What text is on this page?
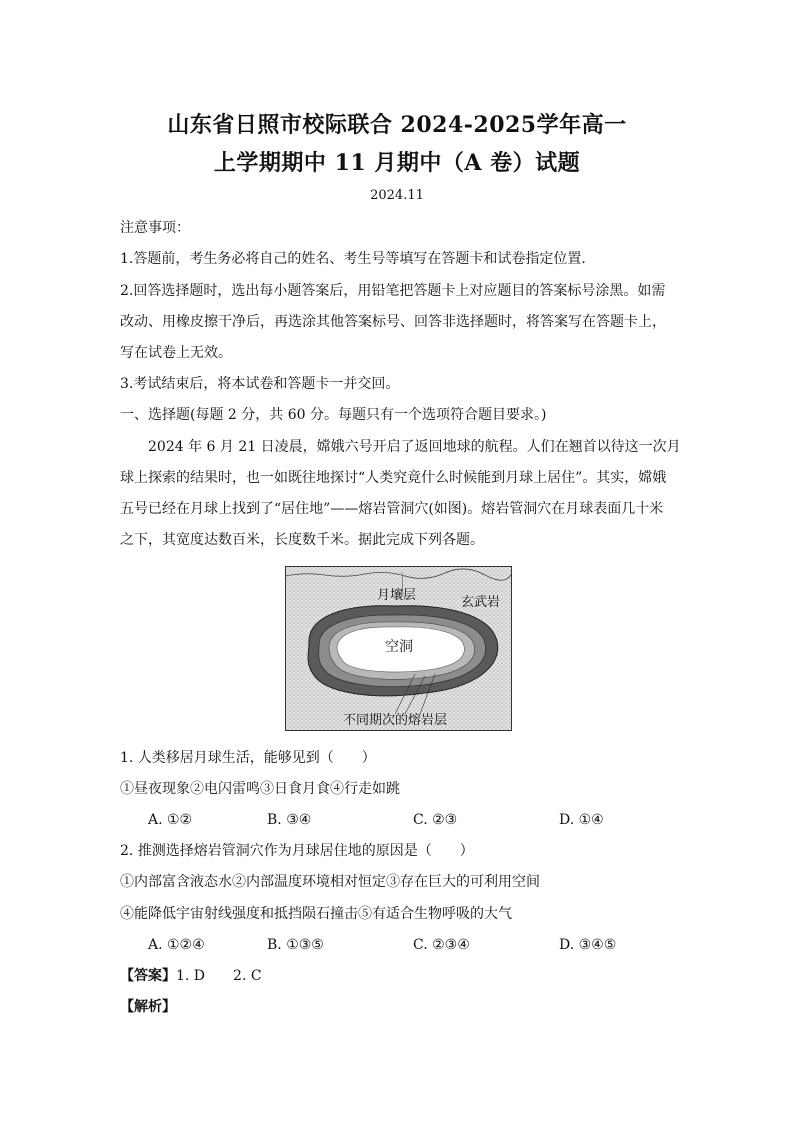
山东省日照市校际联合 2024-2025学年高一
上学期期中 11 月期中（A 卷）试题
2024.11
注意事项：
1.答题前，考生务必将自己的姓名、考生号等填写在答题卡和试卷指定位置.
2.回答选择题时，选出每小题答案后，用铅笔把答题卡上对应题目的答案标号涂黑。如需
改动、用橡皮擦干净后，再选涂其他答案标号、回答非选择题时，将答案写在答题卡上，
写在试卷上无效。
3.考试结束后，将本试卷和答题卡一并交回。
一、选择题(每题 2 分，共 60 分。每题只有一个选项符合题目要求。)
2024 年 6 月 21 日凌晨，嫦娥六号开启了返回地球的航程。人们在翘首以待这一次月
球上探索的结果时，也一如既往地探讨“人类究竟什么时候能到月球上居住”。其实，嫦娥
五号已经在月球上找到了“居住地”——熔岩管洞穴(如图)。熔岩管洞穴在月球表面几十米
之下，其宽度达数百米，长度数千米。据此完成下列各题。
月壤层	玄武岩
空洞
不同期次的熔岩层
1. 人类移居月球生活，能够见到（　　）
①昼夜现象②电闪雷鸣③日食月食④行走如跳
A. ①②	B. ③④	C. ②③	D. ①④
2. 推测选择熔岩管洞穴作为月球居住地的原因是（　　）
①内部富含液态水②内部温度环境相对恒定③存在巨大的可利用空间
④能降低宇宙射线强度和抵挡陨石撞击⑤有适合生物呼吸的大气
A. ①②④	B. ①③⑤	C. ②③④	D. ③④⑤
【答案】1. D　　2. C
【解析】
